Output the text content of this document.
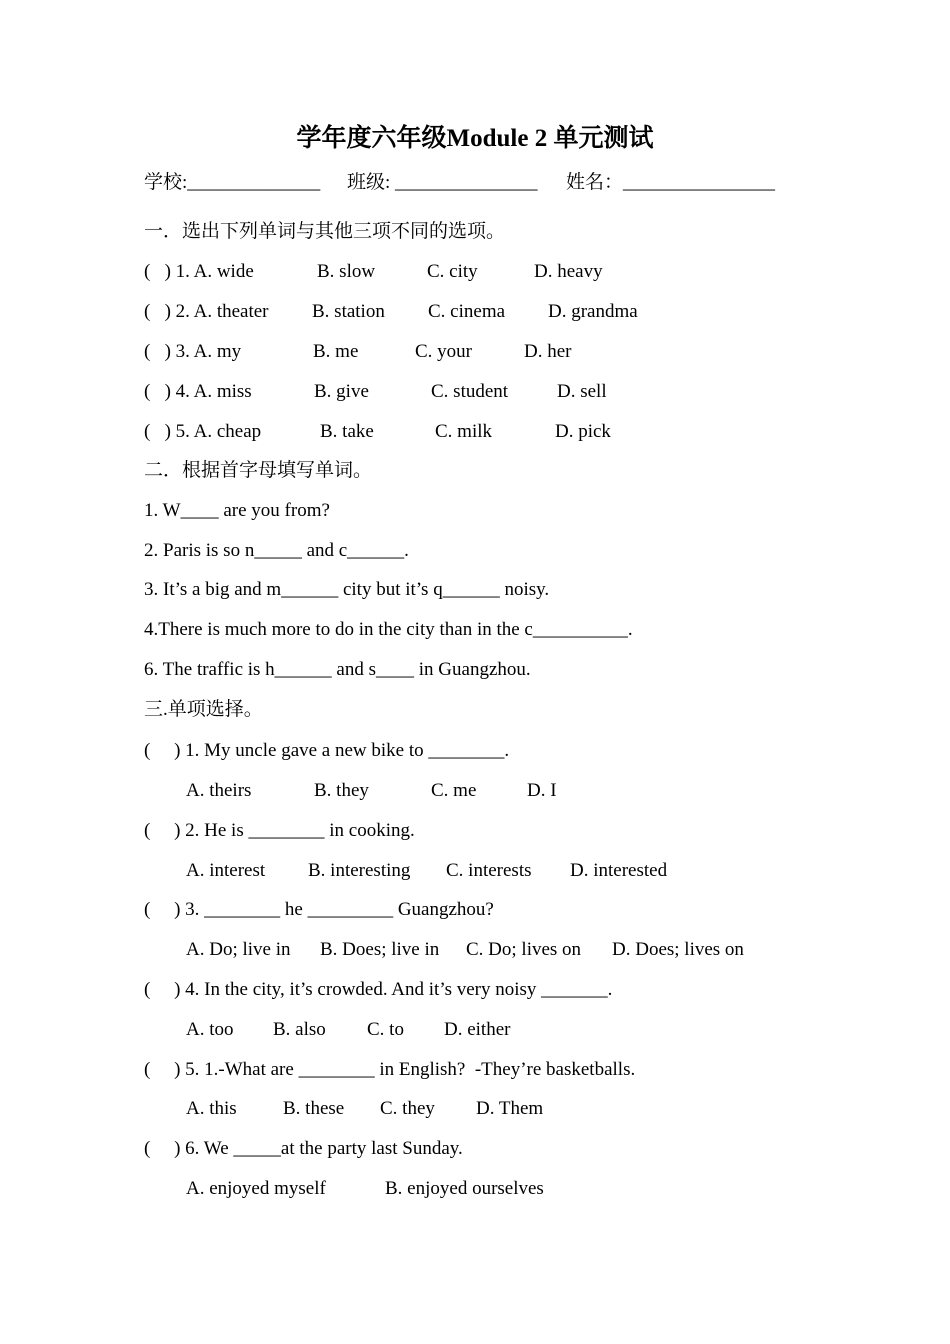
学年度六年级Module 2 单元测试
学校:______________ 班级: _______________ 姓名：________________
一．选出下列单词与其他三项不同的选项。
(   ) 1. A. wide	B. slow	C. city	D. heavy
(   ) 2. A. theater B. station C. cinema D. grandma
(   ) 3. A. my	B. me	C. your	D. her
(   ) 4. A. miss	B. give	C. student	D. sell
(   ) 5. A. cheap	B. take	C. milk	D. pick
二．根据首字母填写单词。
1. W____ are you from?
2. Paris is so n_____ and c______.
3. It’s a big and m______ city but it’s q______ noisy.
4.There is much more to do in the city than in the c__________.
6. The traffic is h______ and s____ in Guangzhou.
三.单项选择。
(     ) 1. My uncle gave a new bike to ________.
A. theirs	B. they	C. me	D. I
(     ) 2. He is ________ in cooking.
A. interest B. interesting C. interests D. interested
(     ) 3. ________ he _________ Guangzhou?
A. Do; live in B. Does; live in C. Do; lives on D. Does; lives on
(     ) 4. In the city, it’s crowded. And it’s very noisy _______.
A. too B. also C. to D. either
(     ) 5. 1.-What are ________ in English?  -They’re basketballs.
A. this B. these C. they D. Them
(     ) 6. We _____at the party last Sunday.
A. enjoyed myself	B. enjoyed ourselves
